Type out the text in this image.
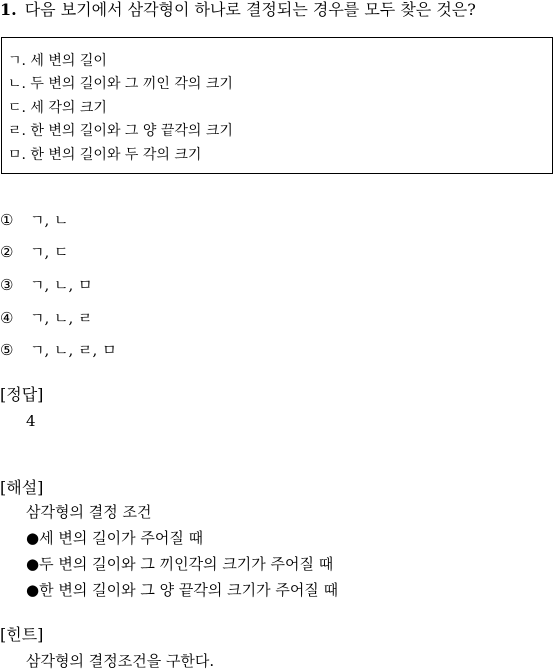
1. 다음 보기에서 삼각형이 하나로 결정되는 경우를 모두 찾은 것은?
ㄱ. 세 변의 길이
ㄴ. 두 변의 길이와 그 끼인 각의 크기
ㄷ. 세 각의 크기
ㄹ. 한 변의 길이와 그 양 끝각의 크기
ㅁ. 한 변의 길이와 두 각의 크기
① ㄱ, ㄴ
② ㄱ, ㄷ
③ ㄱ, ㄴ, ㅁ
④ ㄱ, ㄴ, ㄹ
⑤ ㄱ, ㄴ, ㄹ, ㅁ
[정답]
4
[해설]
삼각형의 결정 조건
●세 변의 길이가 주어질 때
●두 변의 길이와 그 끼인각의 크기가 주어질 때
●한 변의 길이와 그 양 끝각의 크기가 주어질 때
[힌트]
삼각형의 결정조건을 구한다.
